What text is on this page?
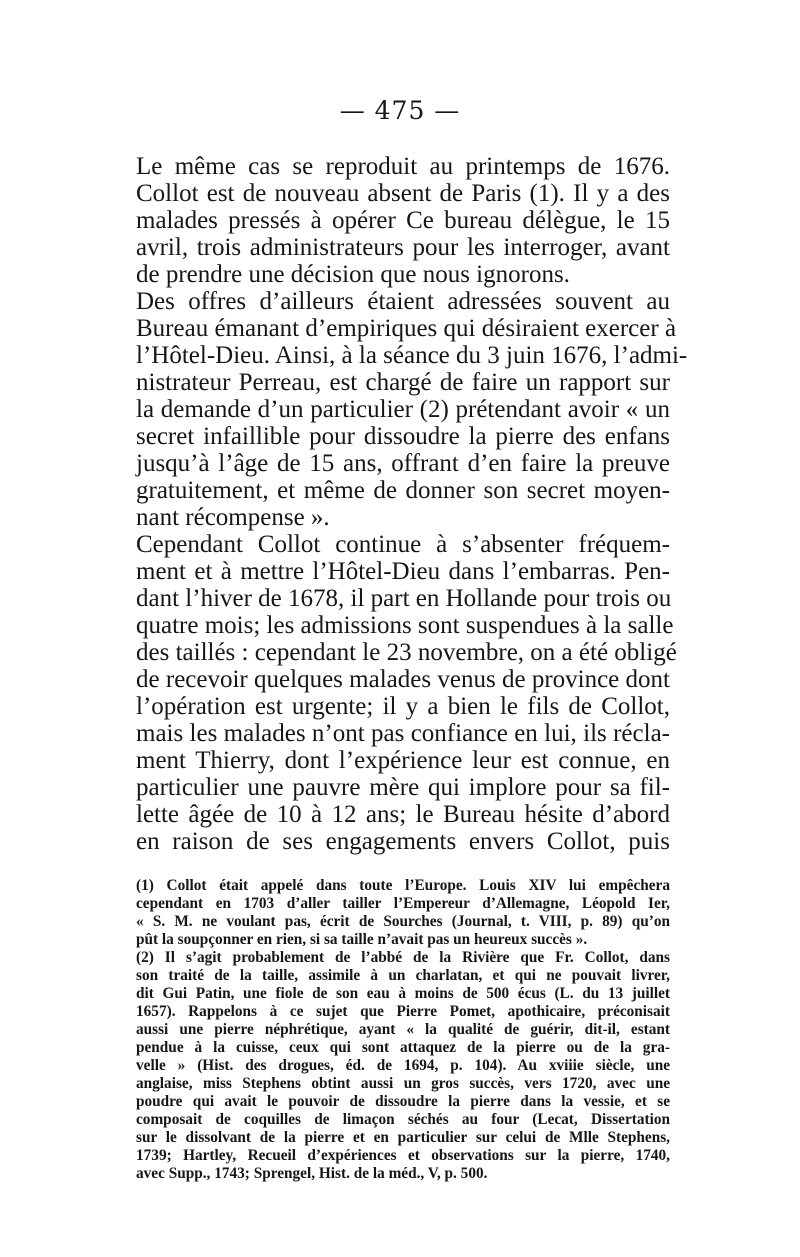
— 475 —
Le même cas se reproduit au printemps de 1676.
Collot est de nouveau absent de Paris (1). Il y a des
malades pressés à opérer Ce bureau délègue, le 15
avril, trois administrateurs pour les interroger, avant
de prendre une décision que nous ignorons.
Des offres d’ailleurs étaient adressées souvent au
Bureau émanant d’empiriques qui désiraient exercer à
l’Hôtel-Dieu. Ainsi, à la séance du 3 juin 1676, l’admi-
nistrateur Perreau, est chargé de faire un rapport sur
la demande d’un particulier (2) prétendant avoir « un
secret infaillible pour dissoudre la pierre des enfans
jusqu’à l’âge de 15 ans, offrant d’en faire la preuve
gratuitement, et même de donner son secret moyen-
nant récompense ».
Cependant Collot continue à s’absenter fréquem-
ment et à mettre l’Hôtel-Dieu dans l’embarras. Pen-
dant l’hiver de 1678, il part en Hollande pour trois ou
quatre mois; les admissions sont suspendues à la salle
des taillés : cependant le 23 novembre, on a été obligé
de recevoir quelques malades venus de province dont
l’opération est urgente; il y a bien le fils de Collot,
mais les malades n’ont pas confiance en lui, ils récla-
ment Thierry, dont l’expérience leur est connue, en
particulier une pauvre mère qui implore pour sa fil-
lette âgée de 10 à 12 ans; le Bureau hésite d’abord
en raison de ses engagements envers Collot, puis
(1) Collot était appelé dans toute l’Europe. Louis XIV lui empêchera
cependant en 1703 d’aller tailler l’Empereur d’Allemagne, Léopold Ier,
« S. M. ne voulant pas, écrit de Sourches (Journal, t. VIII, p. 89) qu’on
pût la soupçonner en rien, si sa taille n’avait pas un heureux succès ».
(2) Il s’agit probablement de l’abbé de la Rivière que Fr. Collot, dans
son traité de la taille, assimile à un charlatan, et qui ne pouvait livrer,
dit Gui Patin, une fiole de son eau à moins de 500 écus (L. du 13 juillet
1657). Rappelons à ce sujet que Pierre Pomet, apothicaire, préconisait
aussi une pierre néphrétique, ayant « la qualité de guérir, dit-il, estant
pendue à la cuisse, ceux qui sont attaquez de la pierre ou de la gra-
velle » (Hist. des drogues, éd. de 1694, p. 104). Au xviiie siècle, une
anglaise, miss Stephens obtint aussi un gros succès, vers 1720, avec une
poudre qui avait le pouvoir de dissoudre la pierre dans la vessie, et se
composait de coquilles de limaçon séchés au four (Lecat, Dissertation
sur le dissolvant de la pierre et en particulier sur celui de Mlle Stephens,
1739; Hartley, Recueil d’expériences et observations sur la pierre, 1740,
avec Supp., 1743; Sprengel, Hist. de la méd., V, p. 500.
